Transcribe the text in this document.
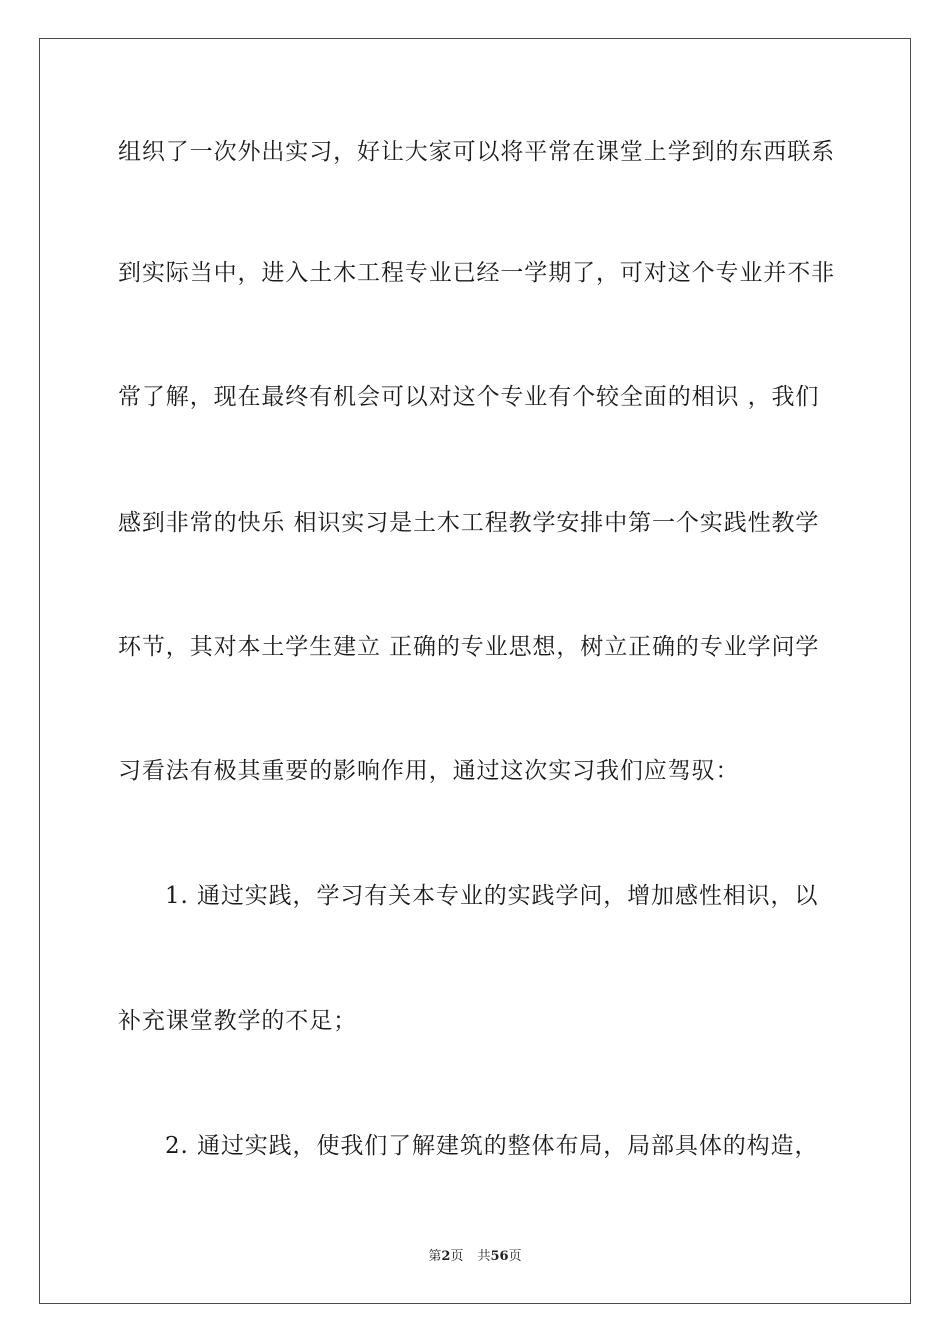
组织了一次外出实习，好让大家可以将平常在课堂上学到的东西联系
到实际当中，进入土木工程专业已经一学期了，可对这个专业并不非
常了解，现在最终有机会可以对这个专业有个较全面的相识 ，我们
感到非常的快乐 相识实习是土木工程教学安排中第一个实践性教学
环节，其对本土学生建立 正确的专业思想，树立正确的专业学问学
习看法有极其重要的影响作用，通过这次实习我们应驾驭：
1. 通过实践，学习有关本专业的实践学问，增加感性相识，以
补充课堂教学的不足；
2. 通过实践，使我们了解建筑的整体布局，局部具体的构造，
第2页 共56页
